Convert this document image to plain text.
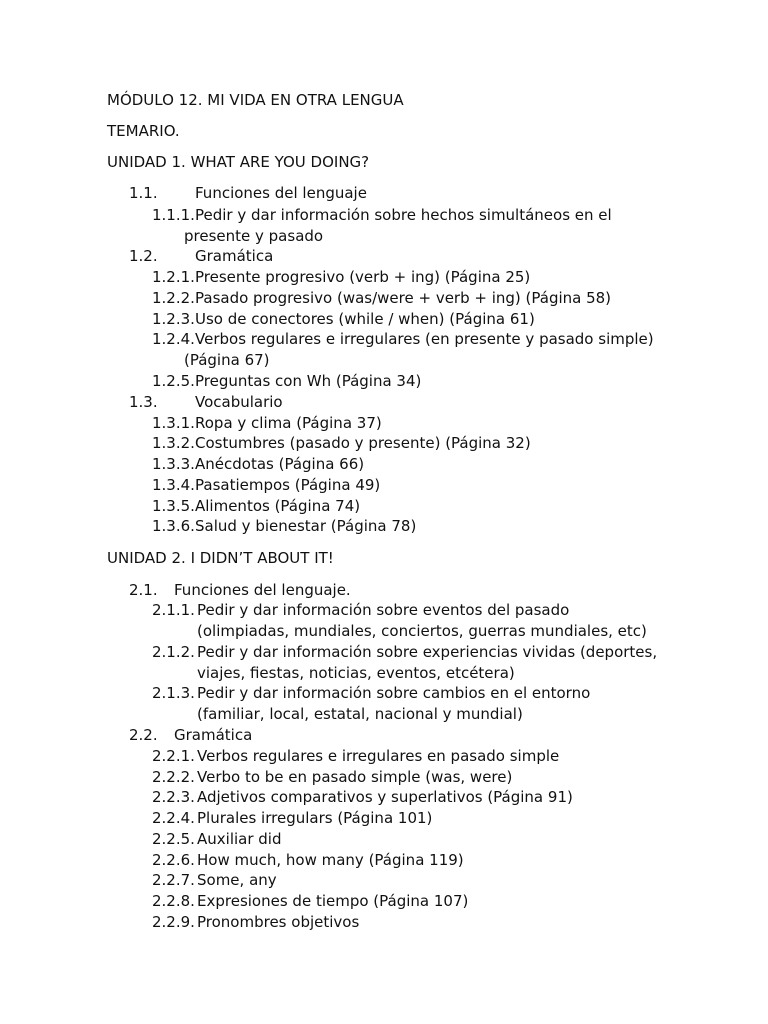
MÓDULO 12. MI VIDA EN OTRA LENGUA
TEMARIO.
UNIDAD 1. WHAT ARE YOU DOING?
1.1. Funciones del lenguaje
1.1.1. Pedir y dar información sobre hechos simultáneos en el
presente y pasado
1.2. Gramática
1.2.1. Presente progresivo (verb + ing) (Página 25)
1.2.2. Pasado progresivo (was/were + verb + ing) (Página 58)
1.2.3. Uso de conectores (while / when) (Página 61)
1.2.4. Verbos regulares e irregulares (en presente y pasado simple)
(Página 67)
1.2.5. Preguntas con Wh (Página 34)
1.3. Vocabulario
1.3.1. Ropa y clima (Página 37)
1.3.2. Costumbres (pasado y presente) (Página 32)
1.3.3. Anécdotas (Página 66)
1.3.4. Pasatiempos (Página 49)
1.3.5. Alimentos (Página 74)
1.3.6. Salud y bienestar (Página 78)
UNIDAD 2. I DIDN’T ABOUT IT!
2.1. Funciones del lenguaje.
2.1.1. Pedir y dar información sobre eventos del pasado
(olimpiadas, mundiales, conciertos, guerras mundiales, etc)
2.1.2. Pedir y dar información sobre experiencias vividas (deportes,
viajes, fiestas, noticias, eventos, etcétera)
2.1.3. Pedir y dar información sobre cambios en el entorno
(familiar, local, estatal, nacional y mundial)
2.2. Gramática
2.2.1. Verbos regulares e irregulares en pasado simple
2.2.2. Verbo to be en pasado simple (was, were)
2.2.3. Adjetivos comparativos y superlativos (Página 91)
2.2.4. Plurales irregulars (Página 101)
2.2.5. Auxiliar did
2.2.6. How much, how many (Página 119)
2.2.7. Some, any
2.2.8. Expresiones de tiempo (Página 107)
2.2.9. Pronombres objetivos
